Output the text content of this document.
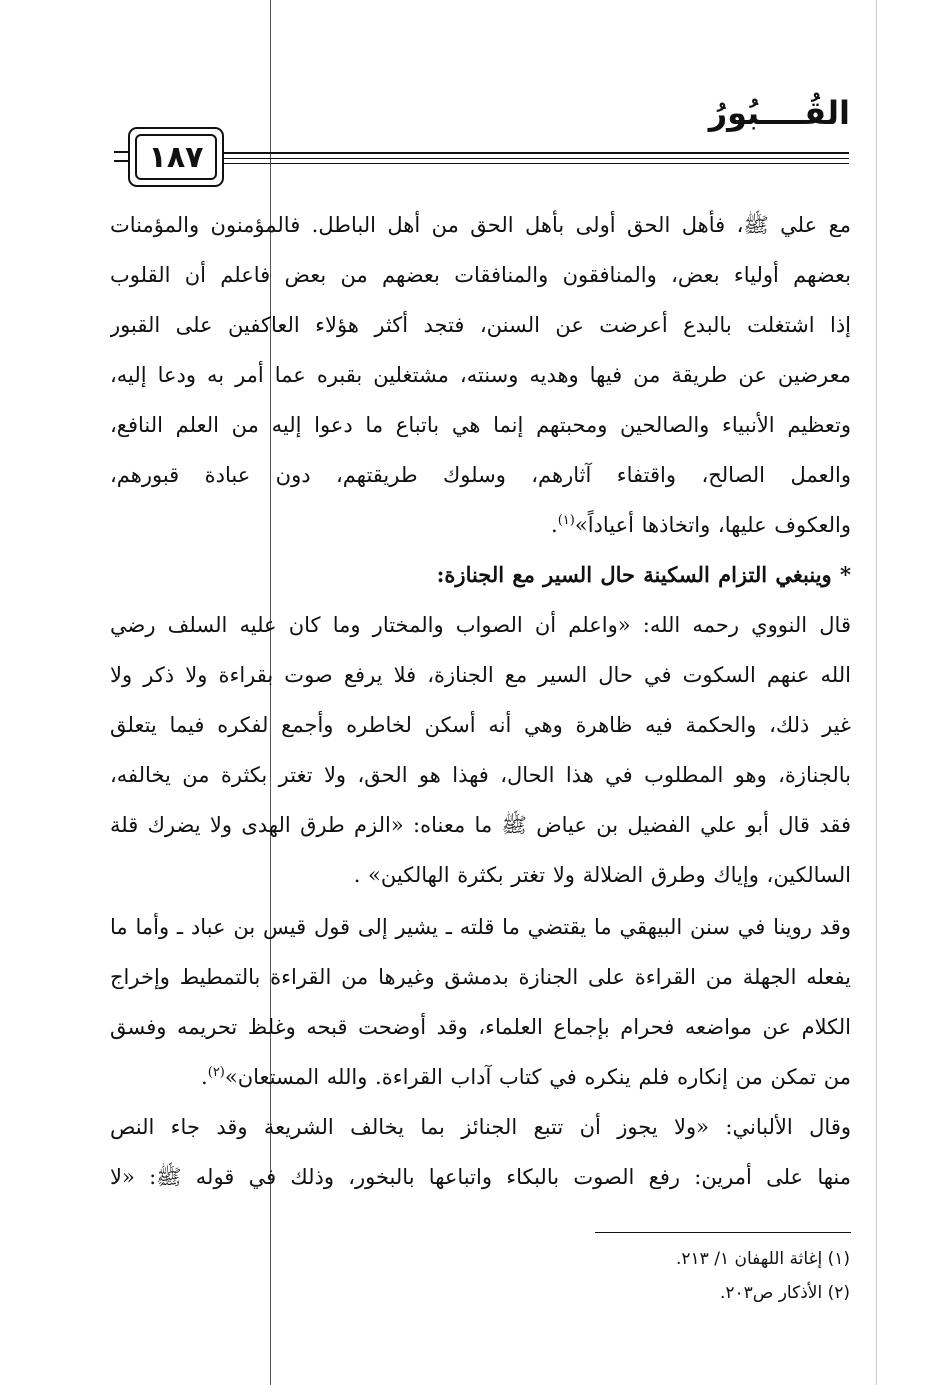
القُــــبُورُ
١٨٧
مع علي ﷺ، فأهل الحق أولى بأهل الحق من أهل الباطل. فالمؤمنون والمؤمنات
بعضهم أولياء بعض، والمنافقون والمنافقات بعضهم من بعض فاعلم أن القلوب
إذا اشتغلت بالبدع أعرضت عن السنن، فتجد أكثر هؤلاء العاكفين على القبور
معرضين عن طريقة من فيها وهديه وسنته، مشتغلين بقبره عما أمر به ودعا إليه،
وتعظيم الأنبياء والصالحين ومحبتهم إنما هي باتباع ما دعوا إليه من العلم النافع،
والعمل الصالح، واقتفاء آثارهم، وسلوك طريقتهم، دون عبادة قبورهم،
والعكوف عليها، واتخاذها أعياداً»$^{(١)}$.
* وينبغي التزام السكينة حال السير مع الجنازة:
قال النووي رحمه الله: «واعلم أن الصواب والمختار وما كان عليه السلف رضي
الله عنهم السكوت في حال السير مع الجنازة، فلا يرفع صوت بقراءة ولا ذكر ولا
غير ذلك، والحكمة فيه ظاهرة وهي أنه أسكن لخاطره وأجمع لفكره فيما يتعلق
بالجنازة، وهو المطلوب في هذا الحال، فهذا هو الحق، ولا تغتر بكثرة من يخالفه،
فقد قال أبو علي الفضيل بن عياض ﷺ ما معناه: «الزم طرق الهدى ولا يضرك قلة
السالكين، وإياك وطرق الضلالة ولا تغتر بكثرة الهالكين» .
وقد روينا في سنن البيهقي ما يقتضي ما قلته ـ يشير إلى قول قيس بن عباد ـ وأما ما
يفعله الجهلة من القراءة على الجنازة بدمشق وغيرها من القراءة بالتمطيط وإخراج
الكلام عن مواضعه فحرام بإجماع العلماء، وقد أوضحت قبحه وغلظ تحريمه وفسق
من تمكن من إنكاره فلم ينكره في كتاب آداب القراءة. والله المستعان»$^{(٢)}$.
وقال الألباني: «ولا يجوز أن تتبع الجنائز بما يخالف الشريعة وقد جاء النص
منها على أمرين: رفع الصوت بالبكاء واتباعها بالبخور، وذلك في قوله ﷺ: «لا
(١) إغاثة اللهفان ١/ ٢١٣.
(٢) الأذكار ص٢٠٣.
